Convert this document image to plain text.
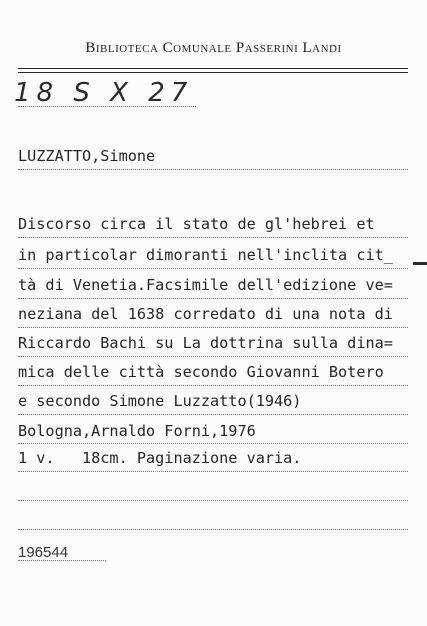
Biblioteca Comunale Passerini Landi
18 S X 27
LUZZATTO,Simone
Discorso circa il stato de gl'hebrei et
in particolar dimoranti nell'inclita cit_
tà di Venetia.Facsimile dell'edizione ve=
neziana del 1638 corredato di una nota di
Riccardo Bachi su La dottrina sulla dina=
mica delle città secondo Giovanni Botero
e secondo Simone Luzzatto(1946)
Bologna,Arnaldo Forni,1976
1 v.   18cm. Paginazione varia.
196544
